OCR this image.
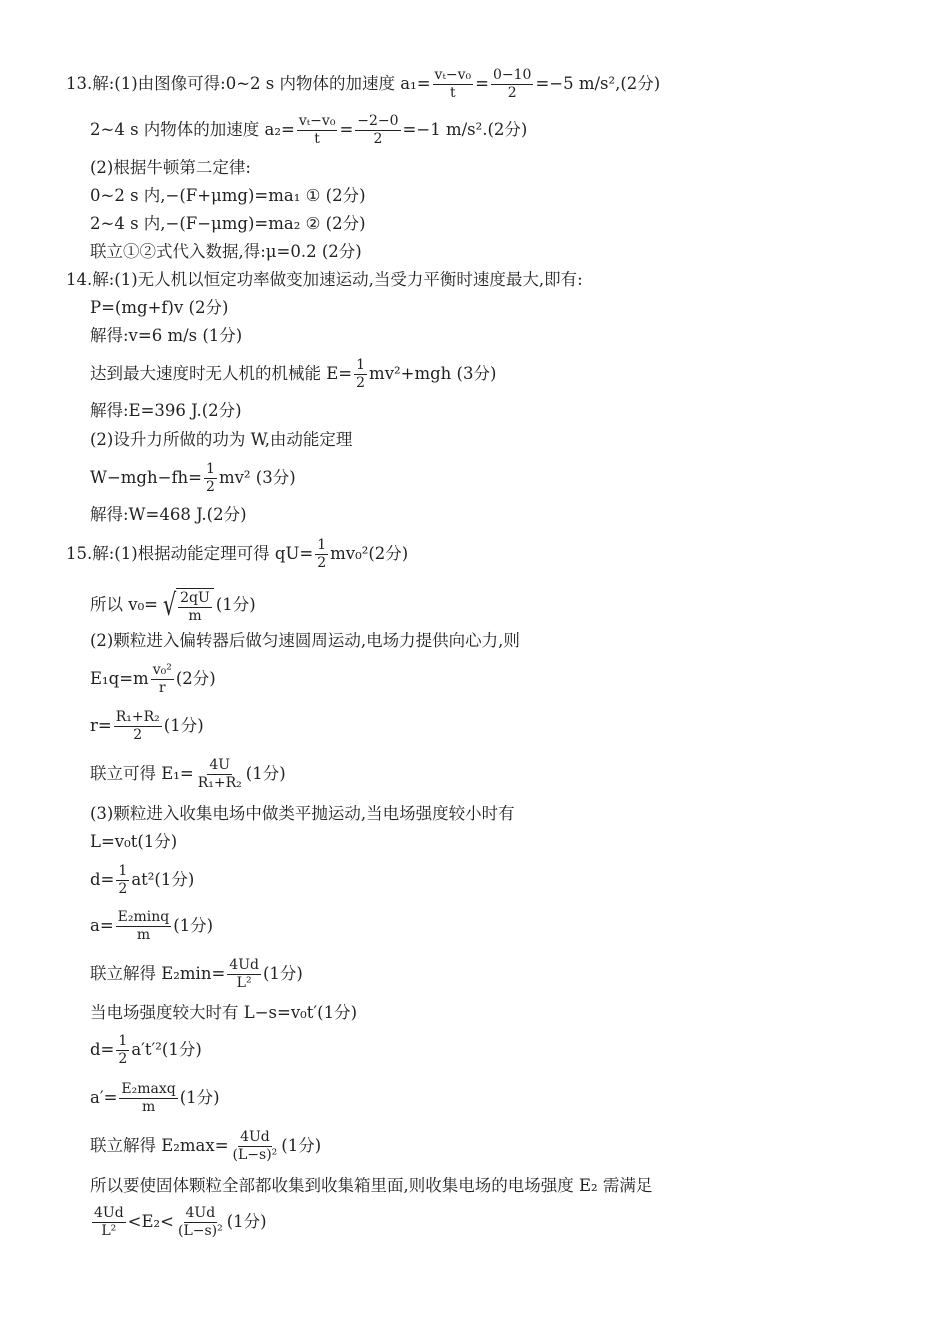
13.解:(1)由图像可得:0~2 s 内物体的加速度 $a_1= \frac{\text{vₜ−v₀}}{t} = \frac{0-10}{2} =-5$ m/s²,(2分)
2~4 s 内物体的加速度 $a_2= \frac{\text{vₜ−v₀}}{t} = \frac{-2-0}{2} =-1$ m/s².(2分)
(2)根据牛顿第二定律:
0~2 s 内,−(F+μmg)=ma₁ ① (2分)
2~4 s 内,−(F−μmg)=ma₂ ② (2分)
联立①②式代入数据,得:μ=0.2 (2分)
14.解:(1)无人机以恒定功率做变加速运动,当受力平衡时速度最大,即有:
P=(mg+f)v (2分)
解得:v=6 m/s (1分)
达到最大速度时无人机的机械能 $E= \frac{1}{2} mv^2+mgh$ (3分)
解得:E=396 J.(2分)
(2)设升力所做的功为 W,由动能定理
$W-mgh-fh= \frac{1}{2} mv^2$ (3分)
解得:W=468 J.(2分)
15.解:(1)根据动能定理可得 $qU= \frac{1}{2} mv_0^2(2$分)
所以 v₀= √ $\frac{2qU}{m} (1$分)
(2)颗粒进入偏转器后做匀速圆周运动,电场力提供向心力,则
$E_1q=m \frac{\text{v₀²}}{r} (2$分)
$r= \frac{\text{R₁+R₂}}{2} (1$分)
联立可得 $E_1= \frac{4U}{\text{R₁+R₂}} (1$分)
(3)颗粒进入收集电场中做类平抛运动,当电场强度较小时有
L=v₀t(1分)
$d= \frac{1}{2} at^2(1$分)
$a= \frac{\text{E₂minq}}{m} (1$分)
联立解得 $E_2\min= \frac{4Ud}{\text{L²}} (1$分)
当电场强度较大时有 L−s=v₀t′(1分)
$d= \frac{1}{2} a't'^2(1$分)
$a'= \frac{\text{E₂maxq}}{m} (1$分)
联立解得 $E_2\max= \frac{4Ud}{\text{(L−s)²}} (1$分)
所以要使固体颗粒全部都收集到收集箱里面,则收集电场的电场强度 E₂ 需满足
$\frac{4Ud}{\text{L²}} <E_2< \frac{4Ud}{\text{(L−s)²}} (1$分)
